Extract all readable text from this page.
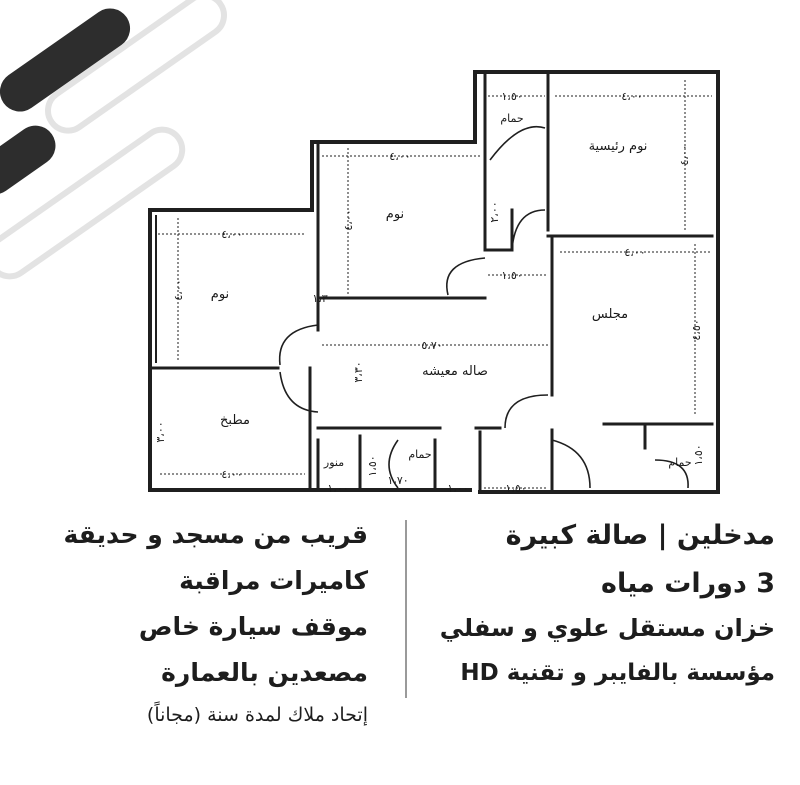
نوم رئيسية
نوم
نوم
صاله معيشه
مجلس
مطبخ
حمام
حمام
حمام
منور
٤،٠٠
١،٥٠
٤،٠٠
٢،٠٠
١،٥٠
٤،٠٠
٤،٠٠
٤،٠٠
٤،٠٠	١،٣
٥،٧٠
٣،٣٠
٤،٠٠
٤،٥٠
١،٥٠
٣،٠٠
٤،٠٠
١،٠٠
١،٧٠
١،٥٠
١،٠٠	١،٥٠
مدخلين | صالة كبيرة
3 دورات مياه
خزان مستقل علوي و سفلي
مؤسسة بالفايبر و تقنية HD
قريب من مسجد و حديقة
كاميرات مراقبة
موقف سيارة خاص
مصعدين بالعمارة
إتحاد ملاك لمدة سنة (مجاناً)
